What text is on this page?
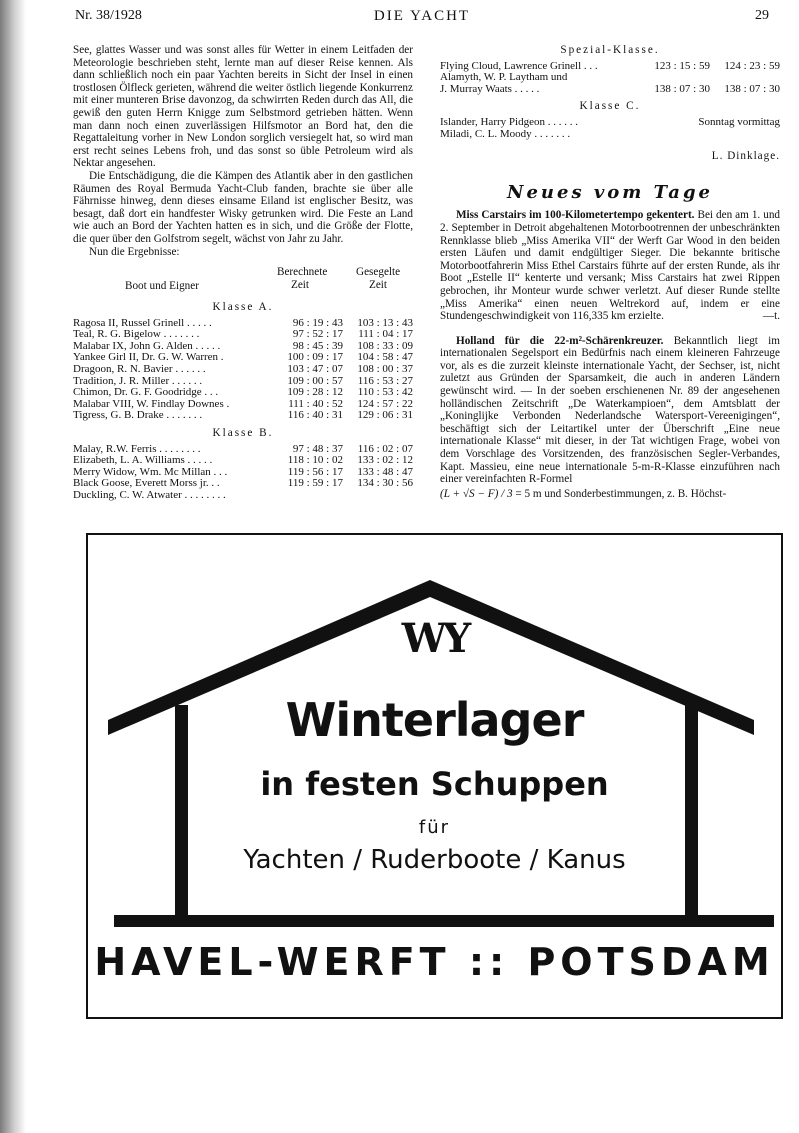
Nr. 38/1928	DIE YACHT	29

See, glattes Wasser und was sonst alles für Wetter in einem Leitfaden der Meteorologie beschrieben steht, lernte man auf dieser Reise kennen. Als dann schließlich noch ein paar Yachten bereits in Sicht der Insel in einen trostlosen Ölfleck gerieten, während die weiter östlich liegende Konkurrenz mit einer munteren Brise davonzog, da schwirrten Reden durch das All, die gewiß den guten Herrn Knigge zum Selbstmord getrieben hätten. Wenn man dann noch einen zuverlässigen Hilfsmotor an Bord hat, den die Regattaleitung vorher in New London sorglich versiegelt hat, so wird man erst recht seines Lebens froh, und das sonst so üble Petroleum wird als Nektar angesehen.

Die Entschädigung, die die Kämpen des Atlantik aber in den gastlichen Räumen des Royal Bermuda Yacht-Club fanden, brachte sie über alle Fährnisse hinweg, denn dieses einsame Eiland ist englischer Besitz, was besagt, daß dort ein handfester Wisky getrunken wird. Die Feste an Land wie auch an Bord der Yachten hatten es in sich, und die Größe der Flotte, die quer über den Golfstrom segelt, wächst von Jahr zu Jahr.

Nun die Ergebnisse:

Boot und Eigner
Berechnete
Zeit
Gesegelte
Zeit
Klasse A.
Ragosa II, Russel Grinell . . . . .	96 : 19 : 43	103 : 13 : 43
Teal, R. G. Bigelow . . . . . . .	97 : 52 : 17	111 : 04 : 17
Malabar IX, John G. Alden . . . . .	98 : 45 : 39	108 : 33 : 09
Yankee Girl II, Dr. G. W. Warren .	100 : 09 : 17	104 : 58 : 47
Dragoon, R. N. Bavier . . . . . .	103 : 47 : 07	108 : 00 : 37
Tradition, J. R. Miller . . . . . .	109 : 00 : 57	116 : 53 : 27
Chimon, Dr. G. F. Goodridge . . .	109 : 28 : 12	110 : 53 : 42
Malabar VIII, W. Findlay Downes .	111 : 40 : 52	124 : 57 : 22
Tigress, G. B. Drake . . . . . . .	116 : 40 : 31	129 : 06 : 31
Klasse B.
Malay, R.W. Ferris . . . . . . . .	97 : 48 : 37	116 : 02 : 07
Elizabeth, L. A. Williams . . . . .	118 : 10 : 02	133 : 02 : 12
Merry Widow, Wm. Mc Millan . . .	119 : 56 : 17	133 : 48 : 47
Black Goose, Everett Morss jr. . .	119 : 59 : 17	134 : 30 : 56
Duckling, C. W. Atwater . . . . . . . .		
Spezial-Klasse.
Flying Cloud, Lawrence Grinell . . .	123 : 15 : 59	124 : 23 : 59
Alamyth, W. P. Laytham und		
J. Murray Waats . . . . .	138 : 07 : 30	138 : 07 : 30
Klasse C.
Islander, Harry Pidgeon . . . . . .	Sonntag vormittag
Miladi, C. L. Moody . . . . . . .	
L. Dinklage.
Neues vom Tage

Miss Carstairs im 100-Kilometertempo gekentert. Bei den am 1. und 2. September in Detroit abgehaltenen Motorbootrennen der unbeschränkten Rennklasse blieb „Miss Amerika VII“ der Werft Gar Wood in den beiden ersten Läufen und damit endgültiger Sieger. Die bekannte britische Motorbootfahrerin Miss Ethel Carstairs führte auf der ersten Runde, als ihr Boot „Estelle II“ kenterte und versank; Miss Carstairs hat zwei Rippen gebrochen, ihr Monteur wurde schwer verletzt. Auf dieser Runde stellte „Miss Amerika“ einen neuen Weltrekord auf, indem er eine Stundengeschwindigkeit von 116,335 km erzielte.	—t.

Holland für die 22-m²-Schärenkreuzer. Bekanntlich liegt im internationalen Segelsport ein Bedürfnis nach einem kleineren Fahrzeuge vor, als es die zurzeit kleinste internationale Yacht, der Sechser, ist, nicht zuletzt aus Gründen der Sparsamkeit, die auch in anderen Ländern gewünscht wird. — In der soeben erschienenen Nr. 89 der angesehenen holländischen Zeitschrift „De Waterkampioen“, dem Amtsblatt der „Koninglijke Verbonden Nederlandsche Watersport-Vereenigingen“, beschäftigt sich der Leitartikel unter der Überschrift „Eine neue internationale Klasse“ mit dieser, in der Tat wichtigen Frage, wobei von dem Vorschlage des Vorsitzenden, des französischen Segler-Verbandes, Kapt. Massieu, eine neue internationale 5-m-R-Klasse einzuführen nach einer vereinfachten R-Formel

(L + √S − F) / 3 = 5 m und Sonderbestimmungen, z. B. Höchst-

WY
Winterlager
in festen Schuppen
für
Yachten / Ruderboote / Kanus
HAVEL-WERFT :: POTSDAM
